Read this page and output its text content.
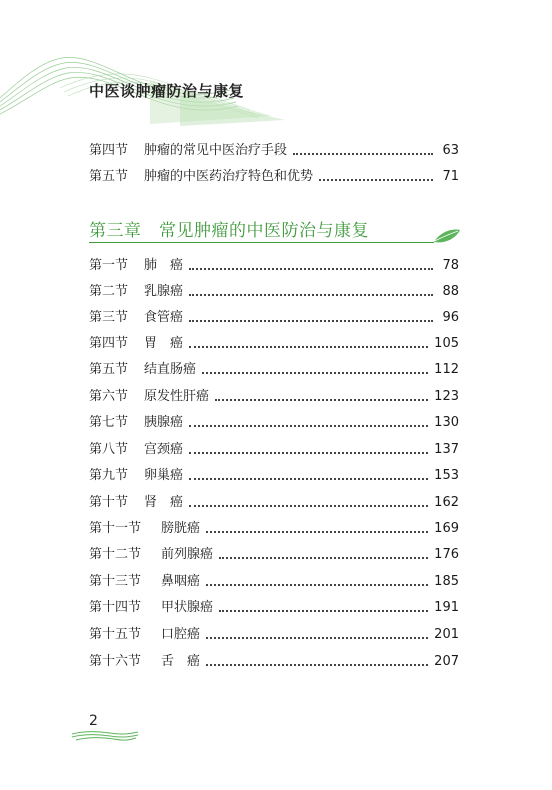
中医谈肿瘤防治与康复
第四节	肿瘤的常见中医治疗手段	63
第五节	肿瘤的中医药治疗特色和优势	71
第三章　 常见肿瘤的中医防治与康复
第一节	肺　癌	78
第二节	乳腺癌	88
第三节	食管癌	96
第四节	胃　癌	105
第五节	结直肠癌	112
第六节	原发性肝癌	123
第七节	胰腺癌	130
第八节	宫颈癌	137
第九节	卵巢癌	153
第十节	肾　癌	162
第十一节	膀胱癌	169
第十二节	前列腺癌	176
第十三节	鼻咽癌	185
第十四节	甲状腺癌	191
第十五节	口腔癌	201
第十六节	舌　癌	207
2
